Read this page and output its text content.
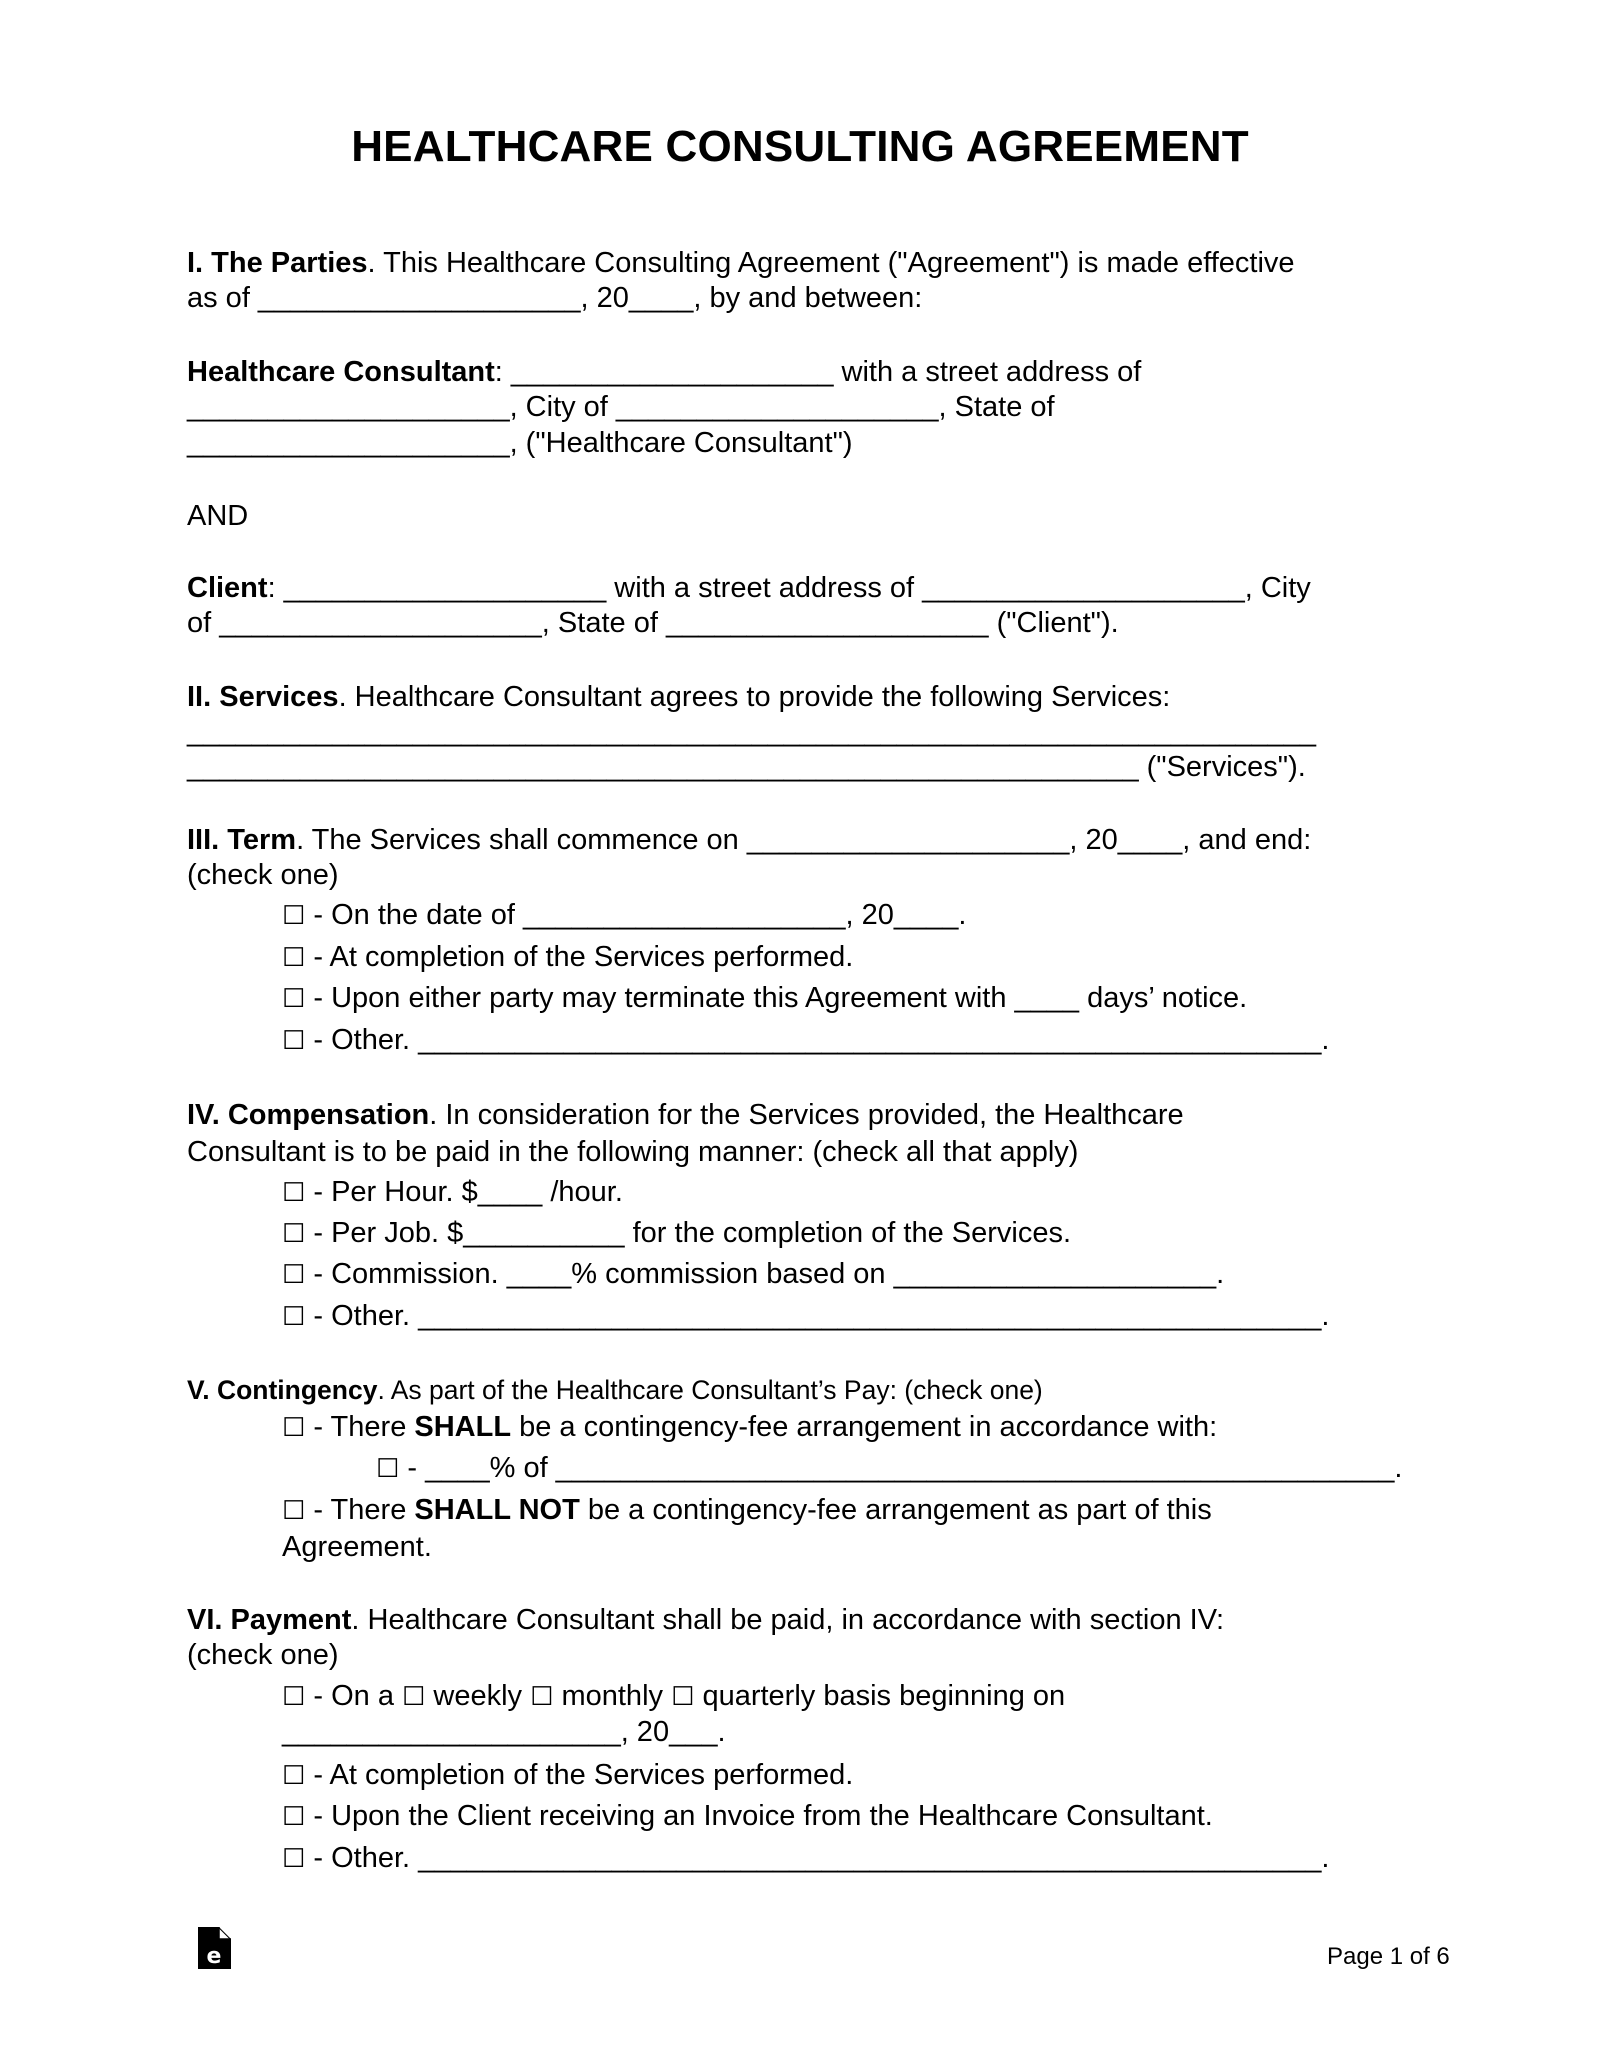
HEALTHCARE CONSULTING AGREEMENT
I. The Parties. This Healthcare Consulting Agreement ("Agreement") is made effective
as of ____________________, 20____, by and between:
Healthcare Consultant: ____________________ with a street address of
____________________, City of ____________________, State of
____________________, ("Healthcare Consultant")
AND
Client: ____________________ with a street address of ____________________, City
of ____________________, State of ____________________ ("Client").
II. Services. Healthcare Consultant agrees to provide the following Services:
______________________________________________________________________
___________________________________________________________ ("Services").
III. Term. The Services shall commence on ____________________, 20____, and end:
(check one)
☐ - On the date of ____________________, 20____.
☐ - At completion of the Services performed.
☐ - Upon either party may terminate this Agreement with ____ days’ notice.
☐ - Other. ________________________________________________________.
IV. Compensation. In consideration for the Services provided, the Healthcare
Consultant is to be paid in the following manner: (check all that apply)
☐ - Per Hour. $____ /hour.
☐ - Per Job. $__________ for the completion of the Services.
☐ - Commission. ____% commission based on ____________________.
☐ - Other. ________________________________________________________.
V. Contingency. As part of the Healthcare Consultant’s Pay: (check one)
☐ - There SHALL be a contingency-fee arrangement in accordance with:
☐ - ____% of ____________________________________________________.
☐ - There SHALL NOT be a contingency-fee arrangement as part of this
Agreement.
VI. Payment. Healthcare Consultant shall be paid, in accordance with section IV:
(check one)
☐ - On a ☐ weekly ☐ monthly ☐ quarterly basis beginning on
_____________________, 20___.
☐ - At completion of the Services performed.
☐ - Upon the Client receiving an Invoice from the Healthcare Consultant.
☐ - Other. ________________________________________________________.
e	Page 1 of 6
